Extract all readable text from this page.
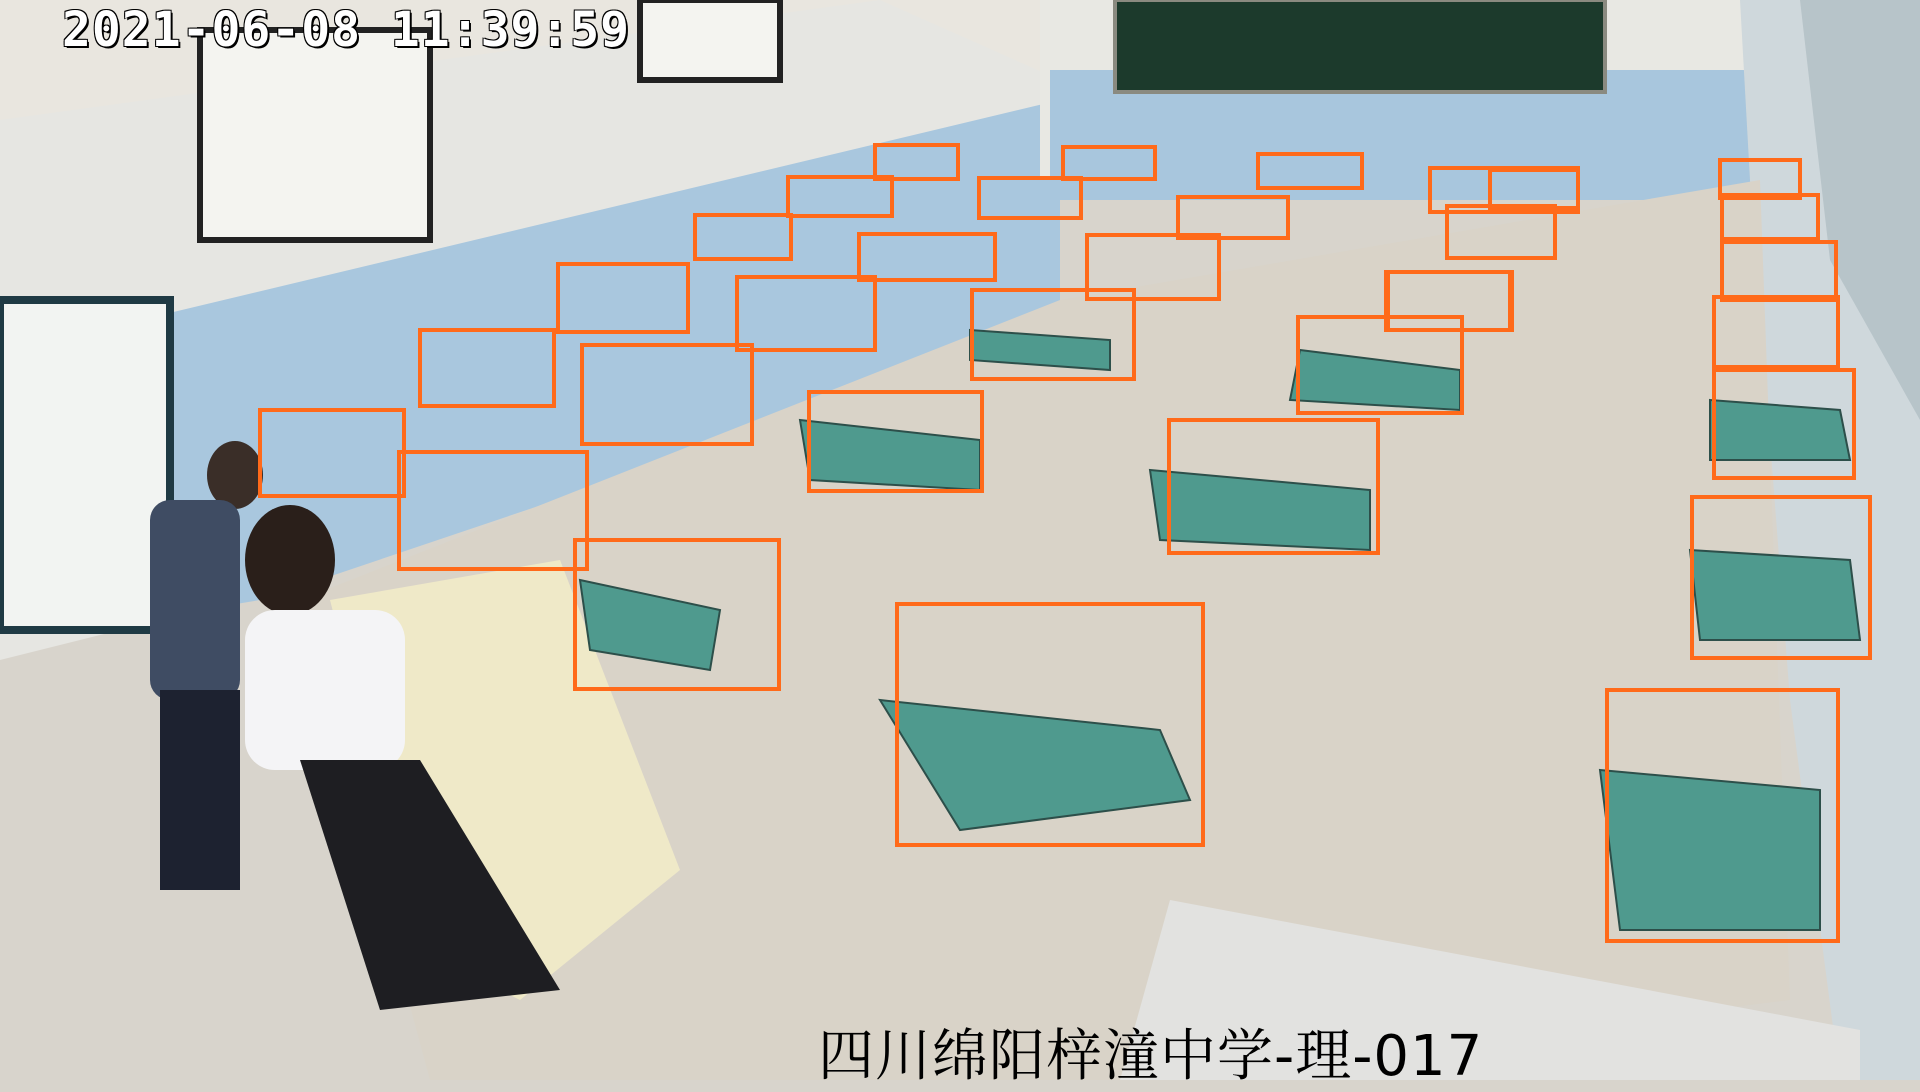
2021-06-08 11:39:59
四川绵阳梓潼中学-理-017
